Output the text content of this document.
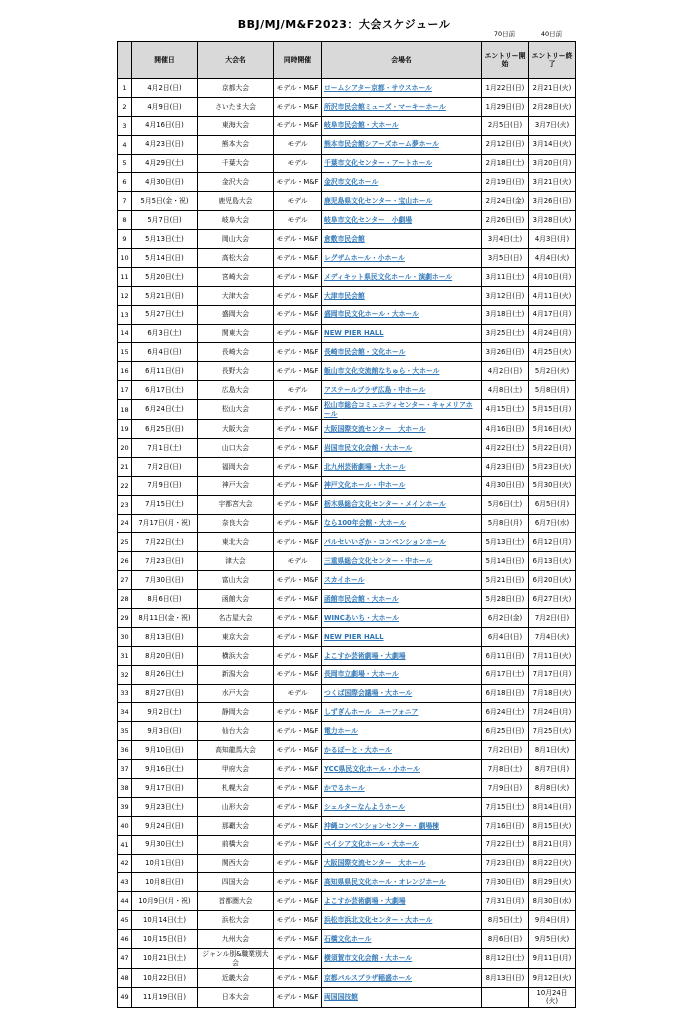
BBJ/MJ/M&F2023：大会スケジュール
70日前	40日前
	開催日	大会名	同時開催	会場名	エントリー開始	エントリー終了
1	4月2日(日)	京都大会	モデル・M&F	ロームシアター京都・サウスホール	1月22日(日)	2月21日(火)
2	4月9日(日)	さいたま大会	モデル・M&F	所沢市民会館ミューズ・マーキーホール	1月29日(日)	2月28日(火)
3	4月16日(日)	東海大会	モデル・M&F	岐阜市民会館・大ホール	2月5日(日)	3月7日(火)
4	4月23日(日)	熊本大会	モデル	熊本市民会館シアーズホーム夢ホール	2月12日(日)	3月14日(火)
5	4月29日(土)	千葉大会	モデル	千葉市文化センター・アートホール	2月18日(土)	3月20日(月)
6	4月30日(日)	金沢大会	モデル・M&F	金沢市文化ホール	2月19日(日)	3月21日(火)
7	5月5日(金・祝)	鹿児島大会	モデル	鹿児島県文化センター・宝山ホール	2月24日(金)	3月26日(日)
8	5月7日(日)	岐阜大会	モデル	岐阜市文化センター　小劇場	2月26日(日)	3月28日(火)
9	5月13日(土)	岡山大会	モデル・M&F	倉敷市民会館	3月4日(土)	4月3日(月)
10	5月14日(日)	高松大会	モデル・M&F	レグザムホール・小ホール	3月5日(日)	4月4日(火)
11	5月20日(土)	宮崎大会	モデル・M&F	メディキット県民文化ホール・演劇ホール	3月11日(土)	4月10日(月)
12	5月21日(日)	大津大会	モデル・M&F	大津市民会館	3月12日(日)	4月11日(火)
13	5月27日(土)	盛岡大会	モデル・M&F	盛岡市民文化ホール・大ホール	3月18日(土)	4月17日(月)
14	6月3日(土)	関東大会	モデル・M&F	NEW PIER HALL	3月25日(土)	4月24日(月)
15	6月4日(日)	長崎大会	モデル・M&F	長崎市民会館・文化ホール	3月26日(日)	4月25日(火)
16	6月11日(日)	長野大会	モデル・M&F	飯山市文化交流館なちゅら・大ホール	4月2日(日)	5月2日(火)
17	6月17日(土)	広島大会	モデル	アステールプラザ広島・中ホール	4月8日(土)	5月8日(月)
18	6月24日(土)	松山大会	モデル・M&F	松山市総合コミュニティセンター・キャメリアホール	4月15日(土)	5月15日(月)
19	6月25日(日)	大阪大会	モデル・M&F	大阪国際交流センター　大ホール	4月16日(日)	5月16日(火)
20	7月1日(土)	山口大会	モデル・M&F	岩国市民文化会館・大ホール	4月22日(土)	5月22日(月)
21	7月2日(日)	福岡大会	モデル・M&F	北九州芸術劇場・大ホール	4月23日(日)	5月23日(火)
22	7月9日(日)	神戸大会	モデル・M&F	神戸文化ホール・中ホール	4月30日(日)	5月30日(火)
23	7月15日(土)	宇都宮大会	モデル・M&F	栃木県総合文化センター・メインホール	5月6日(土)	6月5日(月)
24	7月17日(月・祝)	奈良大会	モデル・M&F	なら100年会館・大ホール	5月8日(月)	6月7日(水)
25	7月22日(土)	東北大会	モデル・M&F	パルセいいざか・コンベンションホール	5月13日(土)	6月12日(月)
26	7月23日(日)	津大会	モデル	三重県総合文化センター・中ホール	5月14日(日)	6月13日(火)
27	7月30日(日)	富山大会	モデル・M&F	スカイホール	5月21日(日)	6月20日(火)
28	8月6日(日)	函館大会	モデル・M&F	函館市民会館・大ホール	5月28日(日)	6月27日(火)
29	8月11日(金・祝)	名古屋大会	モデル・M&F	WINCあいち・大ホール	6月2日(金)	7月2日(日)
30	8月13日(日)	東京大会	モデル・M&F	NEW PIER HALL	6月4日(日)	7月4日(火)
31	8月20日(日)	横浜大会	モデル・M&F	よこすか芸術劇場・大劇場	6月11日(日)	7月11日(火)
32	8月26日(土)	新潟大会	モデル・M&F	長岡市立劇場・大ホール	6月17日(土)	7月17日(月)
33	8月27日(日)	水戸大会	モデル	つくば国際会議場・大ホール	6月18日(日)	7月18日(火)
34	9月2日(土)	静岡大会	モデル・M&F	しずぎんホール　ユーフォニア	6月24日(土)	7月24日(月)
35	9月3日(日)	仙台大会	モデル・M&F	電力ホール	6月25日(日)	7月25日(火)
36	9月10日(日)	高知龍馬大会	モデル・M&F	かるぽーと・大ホール	7月2日(日)	8月1日(火)
37	9月16日(土)	甲府大会	モデル・M&F	YCC県民文化ホール・小ホール	7月8日(土)	8月7日(月)
38	9月17日(日)	札幌大会	モデル・M&F	かでるホール	7月9日(日)	8月8日(火)
39	9月23日(土)	山形大会	モデル・M&F	シェルターなんようホール	7月15日(土)	8月14日(月)
40	9月24日(日)	那覇大会	モデル・M&F	沖縄コンベンションセンター・劇場棟	7月16日(日)	8月15日(火)
41	9月30日(土)	前橋大会	モデル・M&F	ベイシア文化ホール・大ホール	7月22日(土)	8月21日(月)
42	10月1日(日)	関西大会	モデル・M&F	大阪国際交流センター　大ホール	7月23日(日)	8月22日(火)
43	10月8日(日)	四国大会	モデル・M&F	高知県県民文化ホール・オレンジホール	7月30日(日)	8月29日(火)
44	10月9日(月・祝)	首都圏大会	モデル・M&F	よこすか芸術劇場・大劇場	7月31日(月)	8月30日(水)
45	10月14日(土)	浜松大会	モデル・M&F	浜松市浜北文化センター・大ホール	8月5日(土)	9月4日(月)
46	10月15日(日)	九州大会	モデル・M&F	石橋文化ホール	8月6日(日)	9月5日(火)
47	10月21日(土)	ジャンル別&職業別大会	モデル・M&F	横須賀市文化会館・大ホール	8月12日(土)	9月11日(月)
48	10月22日(日)	近畿大会	モデル・M&F	京都パルスプラザ稲盛ホール	8月13日(日)	9月12日(火)
49	11月19日(日)	日本大会	モデル・M&F	両国国技館		10月24日(火)
